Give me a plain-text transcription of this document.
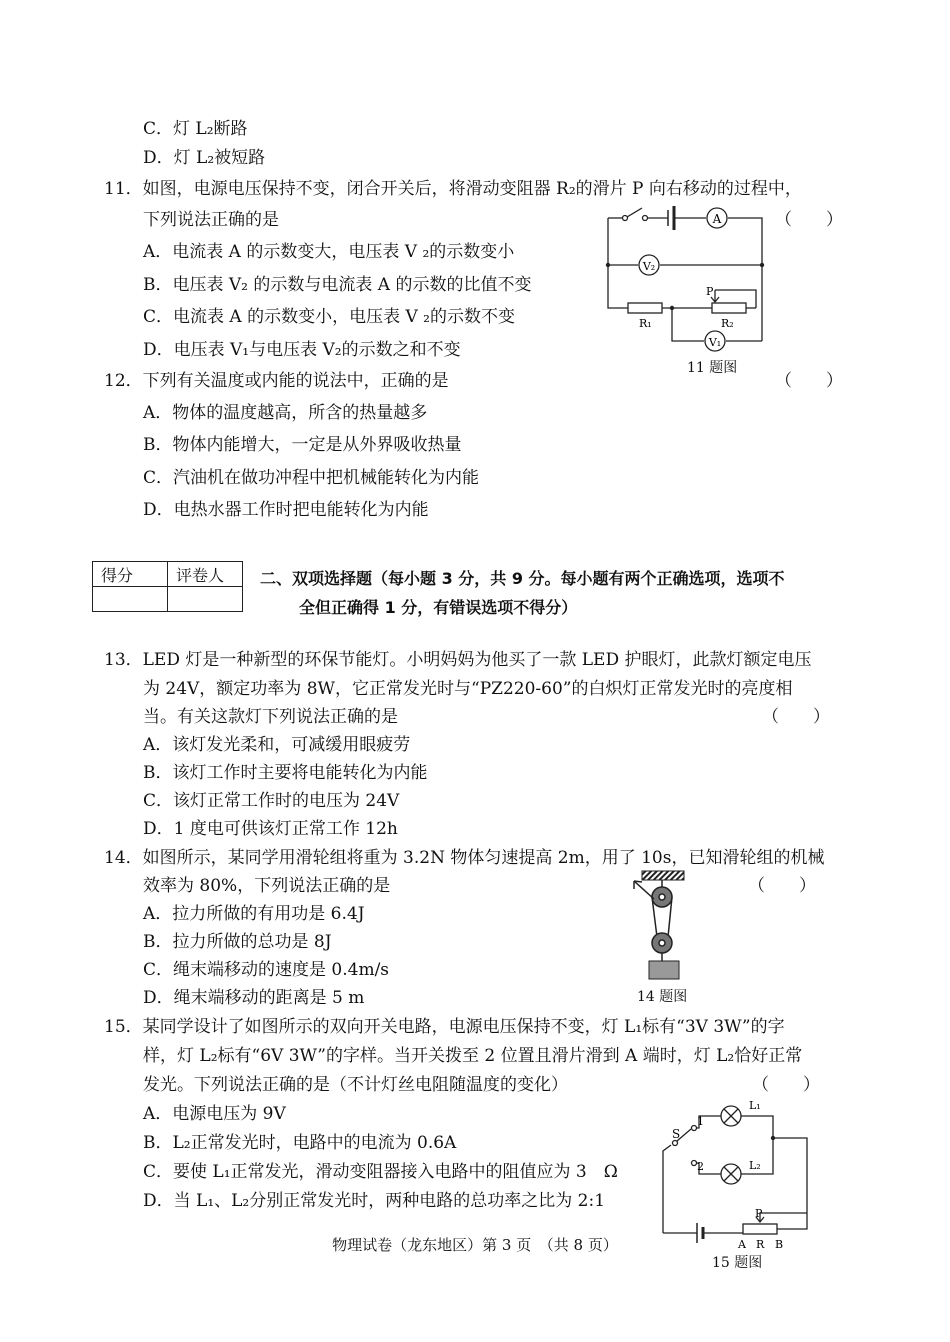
C．灯 L₂断路
D．灯 L₂被短路
11．如图，电源电压保持不变，闭合开关后，将滑动变阻器 R₂的滑片 P 向右移动的过程中，
下列说法正确的是	（　　）
A．电流表 A 的示数变大，电压表 V ₂的示数变小
B．电压表 V₂ 的示数与电流表 A 的示数的比值不变
C．电流表 A 的示数变小，电压表 V ₂的示数不变
D．电压表 V₁与电压表 V₂的示数之和不变
A
V₂
V₁
P
R₁	R₂
11 题图
12．下列有关温度或内能的说法中，正确的是	（　　）
A．物体的温度越高，所含的热量越多
B．物体内能增大，一定是从外界吸收热量
C．汽油机在做功冲程中把机械能转化为内能
D．电热水器工作时把电能转化为内能
得分	评卷人
	二、双项选择题（每小题 3 分，共 9 分。每小题有两个正确选项，选项不
全但正确得 1 分，有错误选项不得分）
13．LED 灯是一种新型的环保节能灯。小明妈妈为他买了一款 LED 护眼灯，此款灯额定电压
为 24V，额定功率为 8W，它正常发光时与“PZ220-60”的白炽灯正常发光时的亮度相
当。有关这款灯下列说法正确的是	（　　）
A．该灯发光柔和，可减缓用眼疲劳
B．该灯工作时主要将电能转化为内能
C．该灯正常工作时的电压为 24V
D．1 度电可供该灯正常工作 12h
14．如图所示，某同学用滑轮组将重为 3.2N 物体匀速提高 2m，用了 10s，已知滑轮组的机械
效率为 80%，下列说法正确的是	（　　）
A．拉力所做的有用功是 6.4J
B．拉力所做的总功是 8J
C．绳末端移动的速度是 0.4m/s
D．绳末端移动的距离是 5 m	14 题图
15．某同学设计了如图所示的双向开关电路，电源电压保持不变，灯 L₁标有“3V 3W”的字
样，灯 L₂标有“6V 3W”的字样。当开关拨至 2 位置且滑片滑到 A 端时，灯 L₂恰好正常
发光。下列说法正确的是（不计灯丝电阻随温度的变化）	（　　）
A．电源电压为 9V
B．L₂正常发光时，电路中的电流为 0.6A
C．要使 L₁正常发光，滑动变阻器接入电路中的阻值应为 3　Ω
D．当 L₁、L₂分别正常发光时，两种电路的总功率之比为 2:1
S
1
2
L₁
L₂
P
A R B
15 题图
物理试卷（龙东地区）第 3 页　（共 8 页）
